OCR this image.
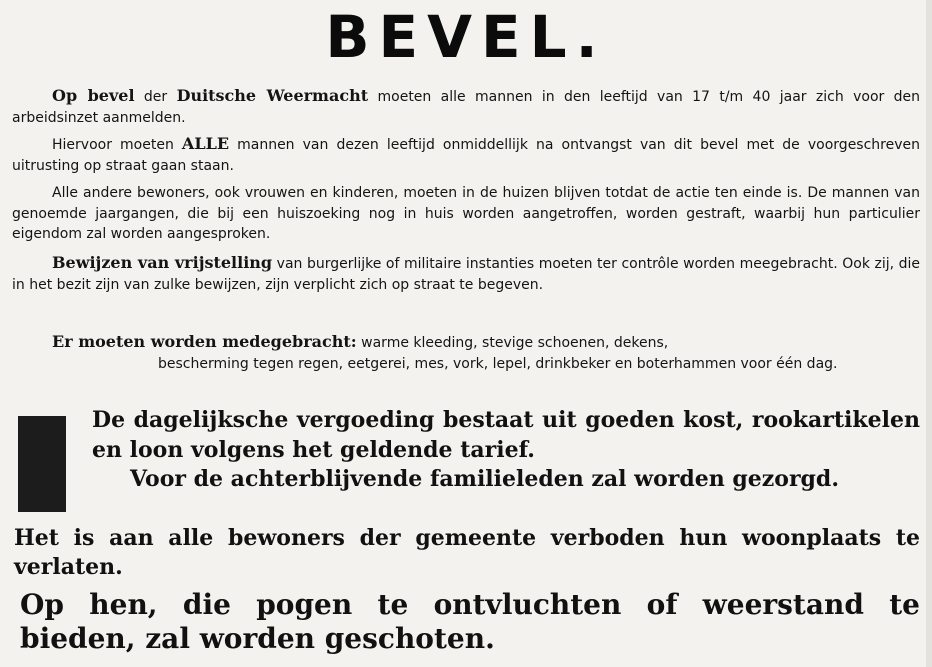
BEVEL.
Op bevel der Duitsche Weermacht moeten alle mannen in den leeftijd van 17 t/m 40 jaar zich voor den arbeidsinzet aanmelden.
Hiervoor moeten ALLE mannen van dezen leeftijd onmiddellijk na ontvangst van dit bevel met de voorgeschreven uitrusting op straat gaan staan.
Alle andere bewoners, ook vrouwen en kinderen, moeten in de huizen blijven totdat de actie ten einde is. De mannen van genoemde jaargangen, die bij een huiszoeking nog in huis worden aangetroffen, worden gestraft, waarbij hun particulier eigendom zal worden aangesproken.
Bewijzen van vrijstelling van burgerlijke of militaire instanties moeten ter contrôle worden meegebracht. Ook zij, die in het bezit zijn van zulke bewijzen, zijn verplicht zich op straat te begeven.
Er moeten worden medegebracht: warme kleeding, stevige schoenen, dekens,
bescherming tegen regen, eetgerei, mes, vork, lepel, drinkbeker en boterhammen voor één dag.
De dagelijksche vergoeding bestaat uit goeden kost, rookartikelen en loon volgens het geldende tarief.
Voor de achterblijvende familieleden zal worden gezorgd.
Het is aan alle bewoners der gemeente verboden hun woonplaats te verlaten.
Op hen, die pogen te ontvluchten of weerstand te bieden, zal worden geschoten.
